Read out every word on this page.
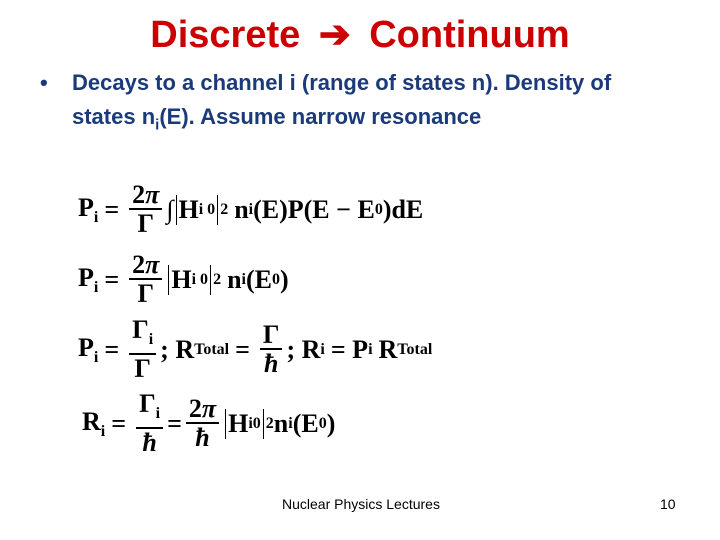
Discrete ➔ Continuum
• Decays to a channel i (range of states n). Density of states $n_i(E)$. Assume narrow resonance
$P_i = \frac{2\pi}{\Gamma}$ ∫ H i 0 2 n i (E)P(E − E 0 )dE
$P_i = \frac{2\pi}{\Gamma}$ H i 0 2 n i (E 0 )
$P_i = \frac{\Gamma_i}{\Gamma}$ ; R Total = $\frac{\Gamma}{ħ}$ ; R i = P i R Total
$R_i = \frac{\Gamma_i}{ħ} = \frac{2\pi}{ħ}$ H i0 2 n i (E 0 )
Nuclear Physics Lectures	10
